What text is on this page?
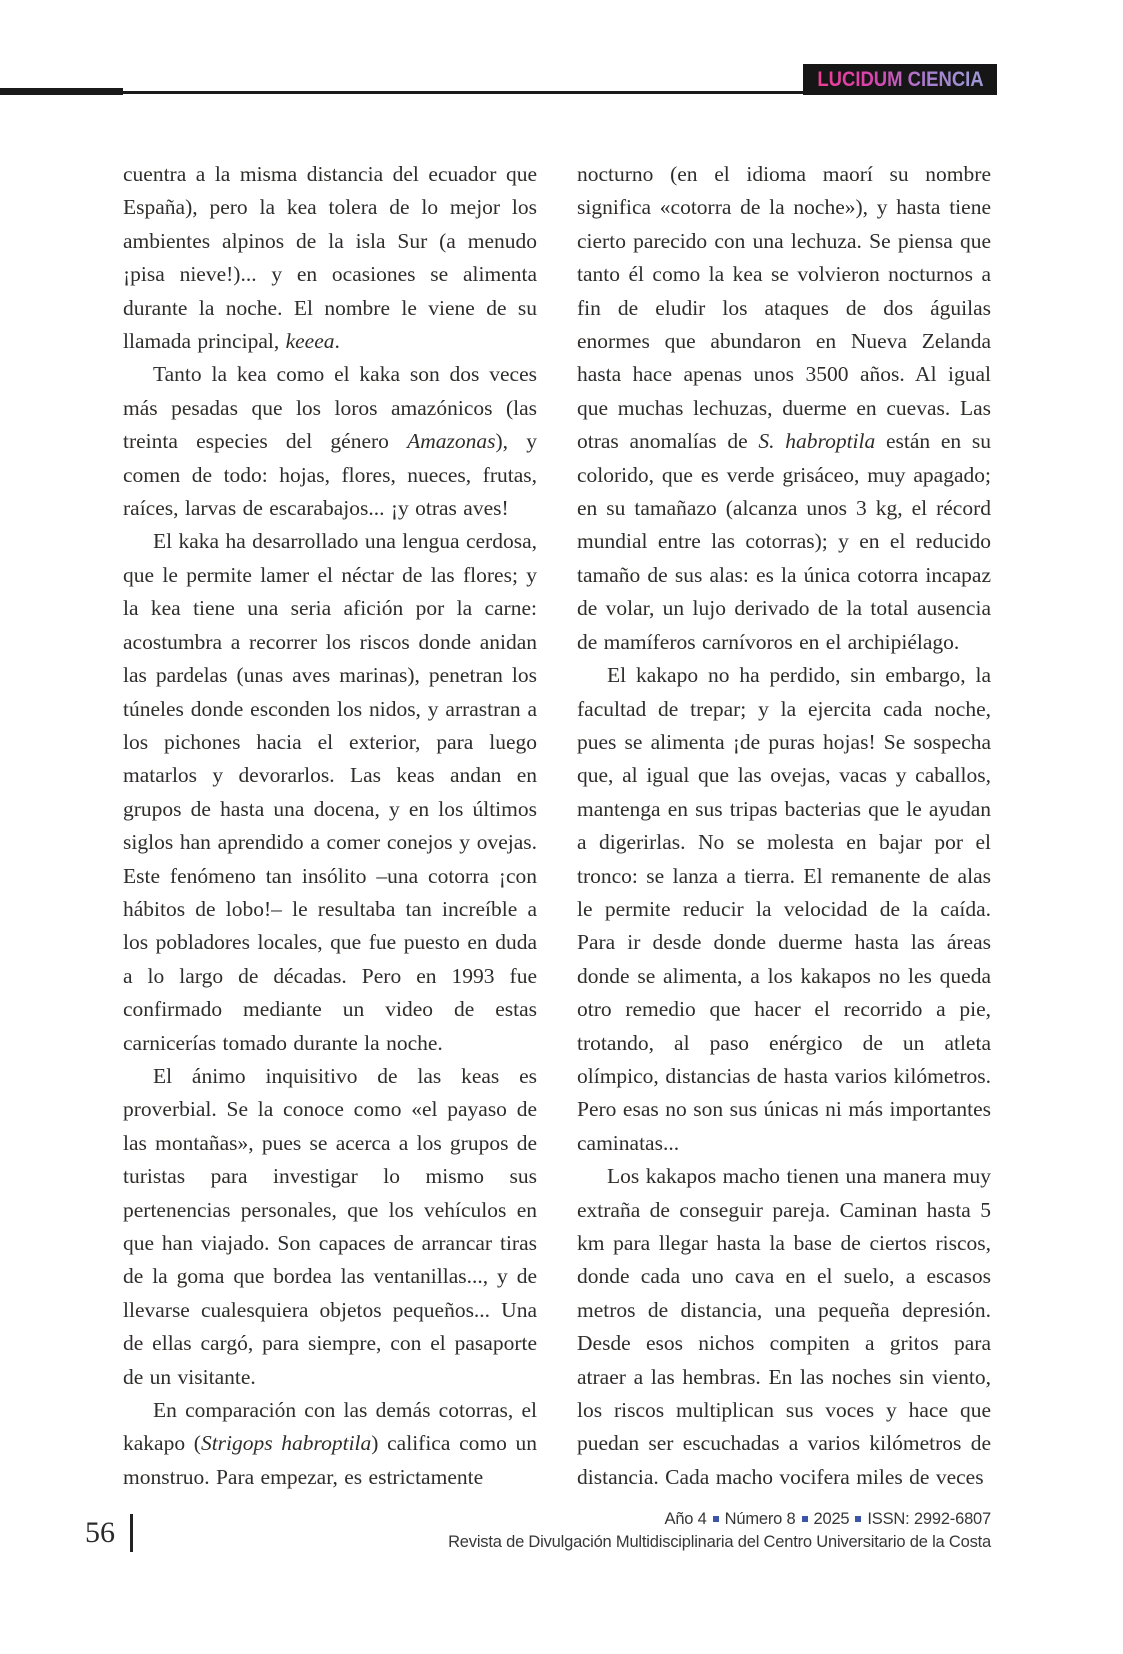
LUCIDUM CIENCIA

cuentra a la misma distancia del ecuador que España), pero la kea tolera de lo mejor los ambientes alpinos de la isla Sur (a menudo ¡pisa nieve!)... y en ocasiones se alimenta durante la noche. El nombre le viene de su llamada principal, keeea.

Tanto la kea como el kaka son dos veces más pesadas que los loros amazónicos (las treinta especies del género Amazonas), y comen de todo: hojas, flores, nueces, frutas, raíces, larvas de escarabajos... ¡y otras aves!

El kaka ha desarrollado una lengua cerdosa, que le permite lamer el néctar de las flores; y la kea tiene una seria afición por la carne: acostumbra a recorrer los riscos donde anidan las pardelas (unas aves marinas), penetran los túneles donde esconden los nidos, y arrastran a los pichones hacia el exterior, para luego matarlos y devorarlos. Las keas andan en grupos de hasta una docena, y en los últimos siglos han aprendido a comer conejos y ovejas. Este fenómeno tan insólito –una cotorra ¡con hábitos de lobo!– le resultaba tan increíble a los pobladores locales, que fue puesto en duda a lo largo de décadas. Pero en 1993 fue confirmado mediante un video de estas carnicerías tomado durante la noche.

El ánimo inquisitivo de las keas es proverbial. Se la conoce como «el payaso de las montañas», pues se acerca a los grupos de turistas para investigar lo mismo sus pertenencias personales, que los vehículos en que han viajado. Son capaces de arrancar tiras de la goma que bordea las ventanillas..., y de llevarse cualesquiera objetos pequeños... Una de ellas cargó, para siempre, con el pasaporte de un visitante.

En comparación con las demás cotorras, el kakapo (Strigops habroptila) califica como un monstruo. Para empezar, es estrictamente

nocturno (en el idioma maorí su nombre significa «cotorra de la noche»), y hasta tiene cierto parecido con una lechuza. Se piensa que tanto él como la kea se volvieron nocturnos a fin de eludir los ataques de dos águilas enormes que abundaron en Nueva Zelanda hasta hace apenas unos 3500 años. Al igual que muchas lechuzas, duerme en cuevas. Las otras anomalías de S. habroptila están en su colorido, que es verde grisáceo, muy apagado; en su tamañazo (alcanza unos 3 kg, el récord mundial entre las cotorras); y en el reducido tamaño de sus alas: es la única cotorra incapaz de volar, un lujo derivado de la total ausencia de mamíferos carnívoros en el archipiélago.

El kakapo no ha perdido, sin embargo, la facultad de trepar; y la ejercita cada noche, pues se alimenta ¡de puras hojas! Se sospecha que, al igual que las ovejas, vacas y caballos, mantenga en sus tripas bacterias que le ayudan a digerirlas. No se molesta en bajar por el tronco: se lanza a tierra. El remanente de alas le permite reducir la velocidad de la caída. Para ir desde donde duerme hasta las áreas donde se alimenta, a los kakapos no les queda otro remedio que hacer el recorrido a pie, trotando, al paso enérgico de un atleta olímpico, distancias de hasta varios kilómetros. Pero esas no son sus únicas ni más importantes caminatas...

Los kakapos macho tienen una manera muy extraña de conseguir pareja. Caminan hasta 5 km para llegar hasta la base de ciertos riscos, donde cada uno cava en el suelo, a escasos metros de distancia, una pequeña depresión. Desde esos nichos compiten a gritos para atraer a las hembras. En las noches sin viento, los riscos multiplican sus voces y hace que puedan ser escuchadas a varios kilómetros de distancia. Cada macho vocifera miles de veces

56	Año 4 Número 8 2025 ISSN: 2992-6807
Revista de Divulgación Multidisciplinaria del Centro Universitario de la Costa
